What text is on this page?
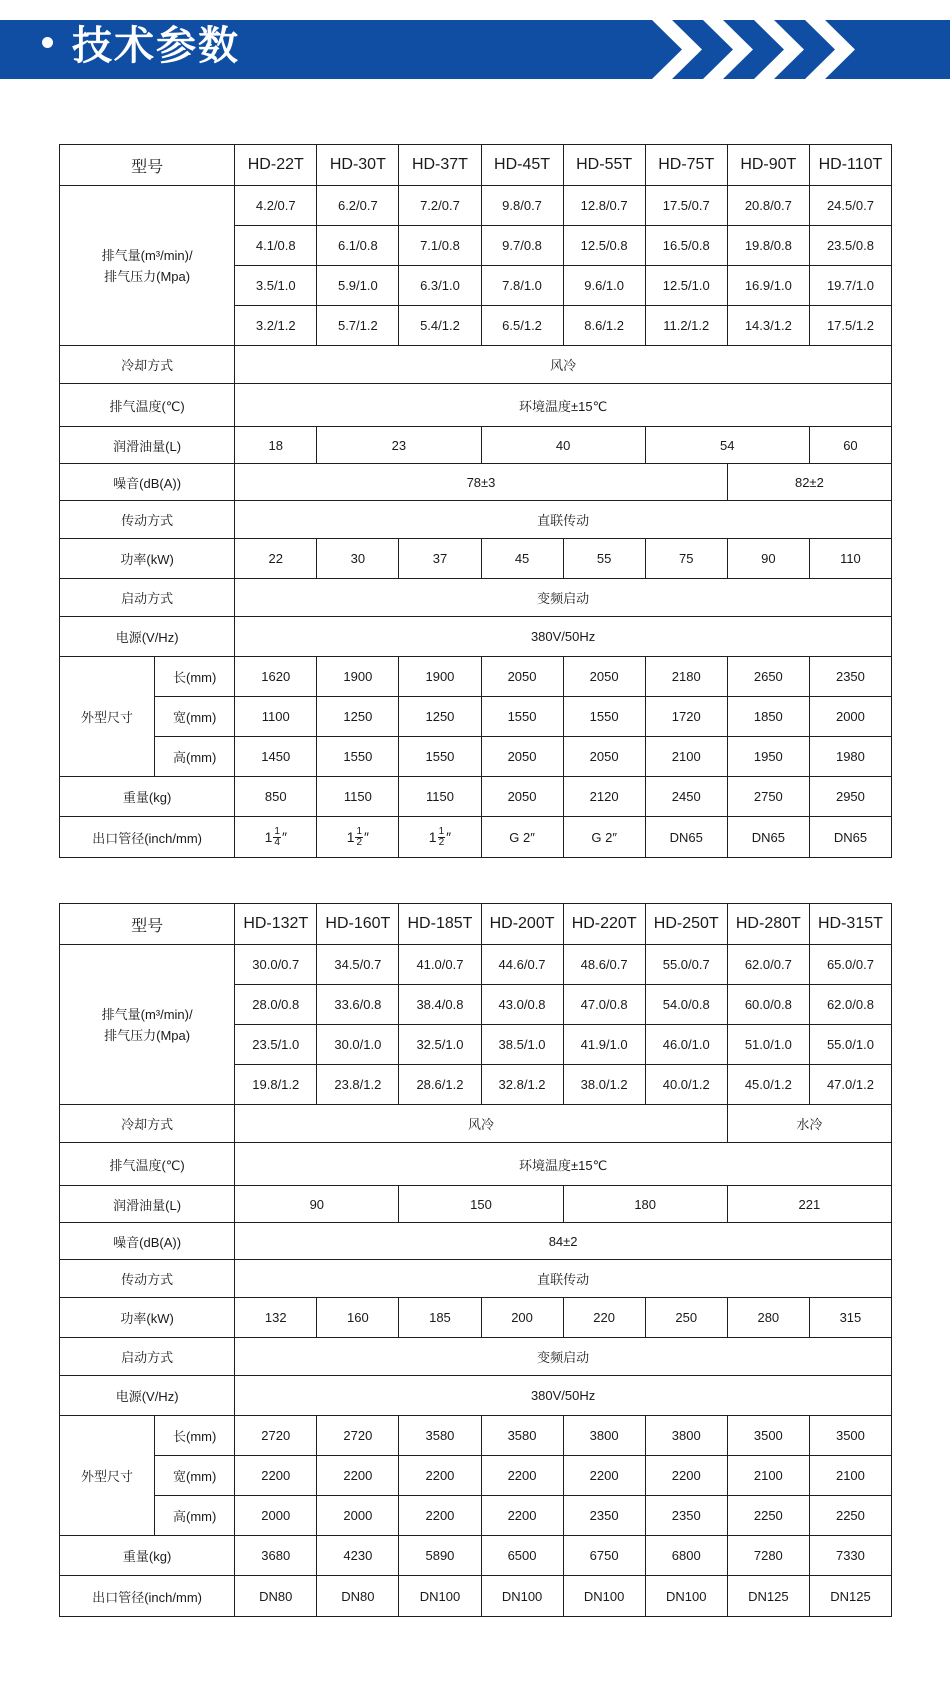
技术参数
型号		HD-22T	HD-30T	HD-37T	HD-45T	HD-55T	HD-75T	HD-90T	HD-110T

排气量(m³/min)/
排气压力(Mpa)		4.2/0.7	6.2/0.7	7.2/0.7	9.8/0.7	12.8/0.7	17.5/0.7	20.8/0.7	24.5/0.7
		4.1/0.8	6.1/0.8	7.1/0.8	9.7/0.8	12.5/0.8	16.5/0.8	19.8/0.8	23.5/0.8
		3.5/1.0	5.9/1.0	6.3/1.0	7.8/1.0	9.6/1.0	12.5/1.0	16.9/1.0	19.7/1.0
		3.2/1.2	5.7/1.2	5.4/1.2	6.5/1.2	8.6/1.2	11.2/1.2	14.3/1.2	17.5/1.2
冷却方式		风冷							
排气温度(℃)		环境温度±15℃							
润滑油量(L)		18	23		40		54		60
噪音(dB(A))		78±3						82±2	
传动方式		直联传动							
功率(kW)		22	30	37	45	55	75	90	110
启动方式		变频启动							
电源(V/Hz)		380V/50Hz							
外型尺寸	长(mm)	1620	1900	1900	2050	2050	2180	2650	2350
	宽(mm)	1100	1250	1250	1550	1550	1720	1850	2000
	高(mm)	1450	1550	1550	2050	2050	2100	1950	1980
重量(kg)		850	1150	1150	2050	2120	2450	2750	2950
出口管径(inch/mm)		$1 \frac{1}{4}$ ″	$1 \frac{1}{2}$ ″	$1 \frac{1}{2}$ ″	G 2″	G 2″	DN65	DN65	DN65
型号		HD-132T	HD-160T	HD-185T	HD-200T	HD-220T	HD-250T	HD-280T	HD-315T

排气量(m³/min)/
排气压力(Mpa)		30.0/0.7	34.5/0.7	41.0/0.7	44.6/0.7	48.6/0.7	55.0/0.7	62.0/0.7	65.0/0.7
		28.0/0.8	33.6/0.8	38.4/0.8	43.0/0.8	47.0/0.8	54.0/0.8	60.0/0.8	62.0/0.8
		23.5/1.0	30.0/1.0	32.5/1.0	38.5/1.0	41.9/1.0	46.0/1.0	51.0/1.0	55.0/1.0
		19.8/1.2	23.8/1.2	28.6/1.2	32.8/1.2	38.0/1.2	40.0/1.2	45.0/1.2	47.0/1.2
冷却方式		风冷						水冷	
排气温度(℃)		环境温度±15℃							
润滑油量(L)		90		150		180		221	
噪音(dB(A))		84±2							
传动方式		直联传动							
功率(kW)		132	160	185	200	220	250	280	315
启动方式		变频启动							
电源(V/Hz)		380V/50Hz							
外型尺寸	长(mm)	2720	2720	3580	3580	3800	3800	3500	3500
	宽(mm)	2200	2200	2200	2200	2200	2200	2100	2100
	高(mm)	2000	2000	2200	2200	2350	2350	2250	2250
重量(kg)		3680	4230	5890	6500	6750	6800	7280	7330
出口管径(inch/mm)		DN80	DN80	DN100	DN100	DN100	DN100	DN125	DN125
